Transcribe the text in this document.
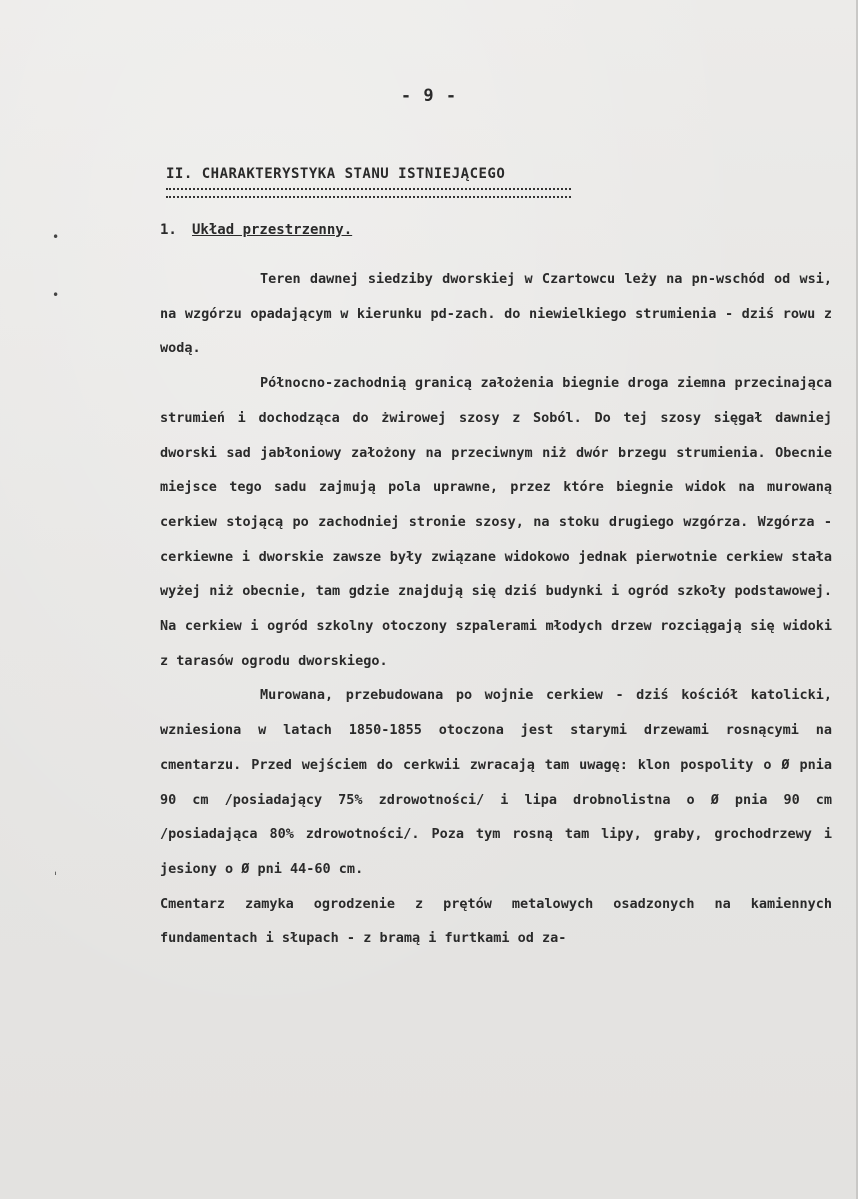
- 9 -
II. CHARAKTERYSTYKA STANU ISTNIEJĄCEGO
1. Układ przestrzenny.
•
•
ˈ

Teren dawnej siedziby dworskiej w Czartowcu leży na pn-wschód od wsi, na wzgórzu opadającym w kierunku pd-zach. do niewielkiego strumienia - dziś rowu z wodą.

Północno-zachodnią granicą założenia biegnie droga ziemna przecinająca strumień i dochodząca do żwirowej szosy z Soból. Do tej szosy sięgał dawniej dworski sad jabłoniowy założony na przeciwnym niż dwór brzegu strumienia. Obecnie miejsce tego sadu zajmują pola uprawne, przez które biegnie widok na murowaną cerkiew stojącą po zachodniej stronie szosy, na stoku drugiego wzgórza. Wzgórza - cerkiewne i dworskie zawsze były związane widokowo jednak pierwotnie cerkiew stała wyżej niż obecnie, tam gdzie znajdują się dziś budynki i ogród szkoły podstawowej. Na cerkiew i ogród szkolny otoczony szpalerami młodych drzew rozciągają się widoki z tarasów ogrodu dworskiego.

Murowana, przebudowana po wojnie cerkiew - dziś kościół katolicki, wzniesiona w latach 1850-1855 otoczona jest starymi drzewami rosnącymi na cmentarzu. Przed wejściem do cerkwii zwracają tam uwagę: klon pospolity o Ø pnia 90 cm /posiadający 75% zdrowotności/ i lipa drobnolistna o Ø pnia 90 cm /posiadająca 80% zdrowotności/. Poza tym rosną tam lipy, graby, grochodrzewy i jesiony o Ø pni 44-60 cm.

Cmentarz zamyka ogrodzenie z prętów metalowych osadzonych na kamiennych fundamentach i słupach - z bramą i furtkami od za-
